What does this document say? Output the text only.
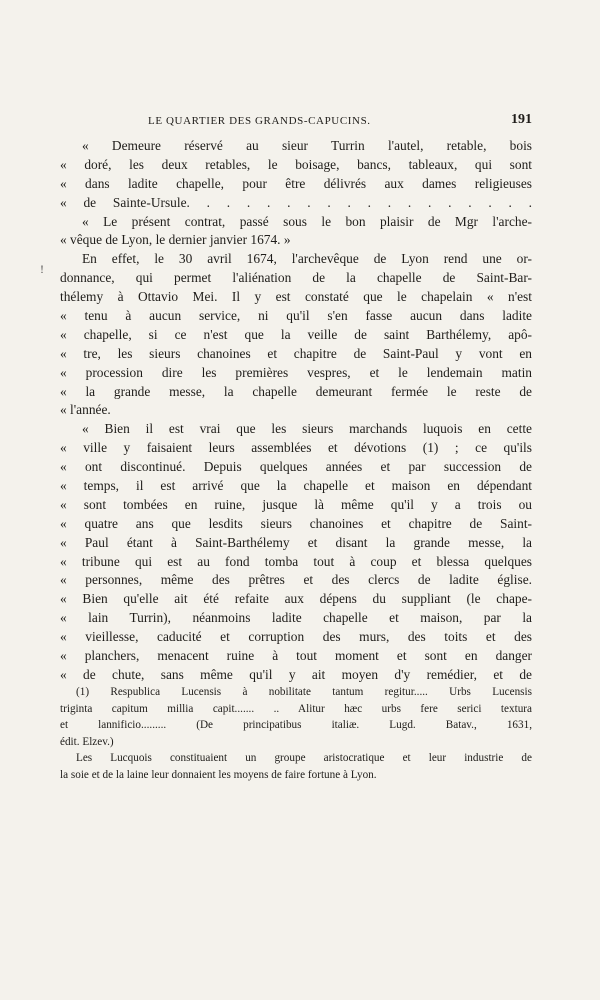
LE QUARTIER DES GRANDS-CAPUCINS.	191
« Demeure réservé au sieur Turrin l'autel, retable, bois
« doré, les deux retables, le boisage, bancs, tableaux, qui sont
« dans ladite chapelle, pour être délivrés aux dames religieuses
« de Sainte-Ursule. . . . . . . . . . . . . . . . . .
« Le présent contrat, passé sous le bon plaisir de Mgr l'arche-
« vêque de Lyon, le dernier janvier 1674. »
En effet, le 30 avril 1674, l'archevêque de Lyon rend une or-
donnance, qui permet l'aliénation de la chapelle de Saint-Bar-
thélemy à Ottavio Mei. Il y est constaté que le chapelain « n'est
« tenu à aucun service, ni qu'il s'en fasse aucun dans ladite
« chapelle, si ce n'est que la veille de saint Barthélemy, apô-
« tre, les sieurs chanoines et chapitre de Saint-Paul y vont en
« procession dire les premières vespres, et le lendemain matin
« la grande messe, la chapelle demeurant fermée le reste de
« l'année.
« Bien il est vrai que les sieurs marchands luquois en cette
« ville y faisaient leurs assemblées et dévotions (1) ; ce qu'ils
« ont discontinué. Depuis quelques années et par succession de
« temps, il est arrivé que la chapelle et maison en dépendant
« sont tombées en ruine, jusque là même qu'il y a trois ou
« quatre ans que lesdits sieurs chanoines et chapitre de Saint-
« Paul étant à Saint-Barthélemy et disant la grande messe, la
« tribune qui est au fond tomba tout à coup et blessa quelques
« personnes, même des prêtres et des clercs de ladite église.
« Bien qu'elle ait été refaite aux dépens du suppliant (le chape-
« lain Turrin), néanmoins ladite chapelle et maison, par la
« vieillesse, caducité et corruption des murs, des toits et des
« planchers, menacent ruine à tout moment et sont en danger
« de chute, sans même qu'il y ait moyen d'y remédier, et de
(1) Respublica Lucensis à nobilitate tantum regitur..... Urbs Lucensis
triginta capitum millia capit....... .. Alitur hæc urbs fere serici textura
et lannificio......... (De principatibus italiæ. Lugd. Batav., 1631,
édit. Elzev.)
Les Lucquois constituaient un groupe aristocratique et leur industrie de
la soie et de la laine leur donnaient les moyens de faire fortune à Lyon.
!
